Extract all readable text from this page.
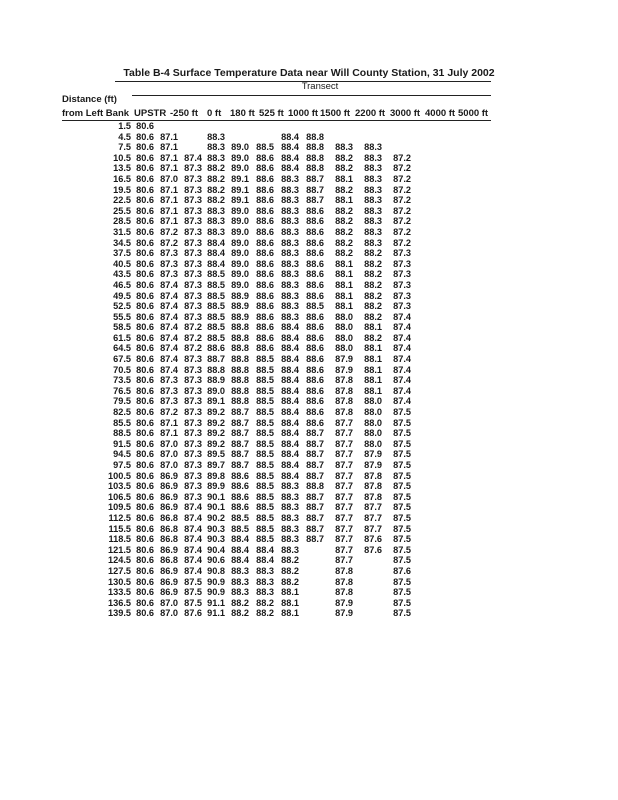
Table B-4 Surface Temperature Data near Will County Station, 31 July 2002
Transect
Distance (ft)
from Left Bank UPSTR -250 ft 0 ft 180 ft 525 ft 1000 ft 1500 ft 2200 ft 3000 ft 4000 ft 5000 ft
1.5	80.6										
4.5	80.6	87.1		88.3			88.4	88.8			
7.5	80.6	87.1		88.3	89.0	88.5	88.4	88.8	88.3	88.3	
10.5	80.6	87.1	87.4	88.3	89.0	88.6	88.4	88.8	88.2	88.3	87.2
13.5	80.6	87.1	87.3	88.2	89.0	88.6	88.4	88.8	88.2	88.3	87.2
16.5	80.6	87.0	87.3	88.2	89.1	88.6	88.3	88.7	88.1	88.3	87.2
19.5	80.6	87.1	87.3	88.2	89.1	88.6	88.3	88.7	88.2	88.3	87.2
22.5	80.6	87.1	87.3	88.2	89.1	88.6	88.3	88.7	88.1	88.3	87.2
25.5	80.6	87.1	87.3	88.3	89.0	88.6	88.3	88.6	88.2	88.3	87.2
28.5	80.6	87.1	87.3	88.3	89.0	88.6	88.3	88.6	88.2	88.3	87.2
31.5	80.6	87.2	87.3	88.3	89.0	88.6	88.3	88.6	88.2	88.3	87.2
34.5	80.6	87.2	87.3	88.4	89.0	88.6	88.3	88.6	88.2	88.3	87.2
37.5	80.6	87.3	87.3	88.4	89.0	88.6	88.3	88.6	88.2	88.2	87.3
40.5	80.6	87.3	87.3	88.4	89.0	88.6	88.3	88.6	88.1	88.2	87.3
43.5	80.6	87.3	87.3	88.5	89.0	88.6	88.3	88.6	88.1	88.2	87.3
46.5	80.6	87.4	87.3	88.5	89.0	88.6	88.3	88.6	88.1	88.2	87.3
49.5	80.6	87.4	87.3	88.5	88.9	88.6	88.3	88.6	88.1	88.2	87.3
52.5	80.6	87.4	87.3	88.5	88.9	88.6	88.3	88.5	88.1	88.2	87.3
55.5	80.6	87.4	87.3	88.5	88.9	88.6	88.3	88.6	88.0	88.2	87.4
58.5	80.6	87.4	87.2	88.5	88.8	88.6	88.4	88.6	88.0	88.1	87.4
61.5	80.6	87.4	87.2	88.5	88.8	88.6	88.4	88.6	88.0	88.2	87.4
64.5	80.6	87.4	87.2	88.6	88.8	88.6	88.4	88.6	88.0	88.1	87.4
67.5	80.6	87.4	87.3	88.7	88.8	88.5	88.4	88.6	87.9	88.1	87.4
70.5	80.6	87.4	87.3	88.8	88.8	88.5	88.4	88.6	87.9	88.1	87.4
73.5	80.6	87.3	87.3	88.9	88.8	88.5	88.4	88.6	87.8	88.1	87.4
76.5	80.6	87.3	87.3	89.0	88.8	88.5	88.4	88.6	87.8	88.1	87.4
79.5	80.6	87.3	87.3	89.1	88.8	88.5	88.4	88.6	87.8	88.0	87.4
82.5	80.6	87.2	87.3	89.2	88.7	88.5	88.4	88.6	87.8	88.0	87.5
85.5	80.6	87.1	87.3	89.2	88.7	88.5	88.4	88.6	87.7	88.0	87.5
88.5	80.6	87.1	87.3	89.2	88.7	88.5	88.4	88.7	87.7	88.0	87.5
91.5	80.6	87.0	87.3	89.2	88.7	88.5	88.4	88.7	87.7	88.0	87.5
94.5	80.6	87.0	87.3	89.5	88.7	88.5	88.4	88.7	87.7	87.9	87.5
97.5	80.6	87.0	87.3	89.7	88.7	88.5	88.4	88.7	87.7	87.9	87.5
100.5	80.6	86.9	87.3	89.8	88.6	88.5	88.4	88.7	87.7	87.8	87.5
103.5	80.6	86.9	87.3	89.9	88.6	88.5	88.3	88.8	87.7	87.8	87.5
106.5	80.6	86.9	87.3	90.1	88.6	88.5	88.3	88.7	87.7	87.8	87.5
109.5	80.6	86.9	87.4	90.1	88.6	88.5	88.3	88.7	87.7	87.7	87.5
112.5	80.6	86.8	87.4	90.2	88.5	88.5	88.3	88.7	87.7	87.7	87.5
115.5	80.6	86.8	87.4	90.3	88.5	88.5	88.3	88.7	87.7	87.7	87.5
118.5	80.6	86.8	87.4	90.3	88.4	88.5	88.3	88.7	87.7	87.6	87.5
121.5	80.6	86.9	87.4	90.4	88.4	88.4	88.3		87.7	87.6	87.5
124.5	80.6	86.8	87.4	90.6	88.4	88.4	88.2		87.7		87.5
127.5	80.6	86.9	87.4	90.8	88.3	88.3	88.2		87.8		87.6
130.5	80.6	86.9	87.5	90.9	88.3	88.3	88.2		87.8		87.5
133.5	80.6	86.9	87.5	90.9	88.3	88.3	88.1		87.8		87.5
136.5	80.6	87.0	87.5	91.1	88.2	88.2	88.1		87.9		87.5
139.5	80.6	87.0	87.6	91.1	88.2	88.2	88.1		87.9		87.5
